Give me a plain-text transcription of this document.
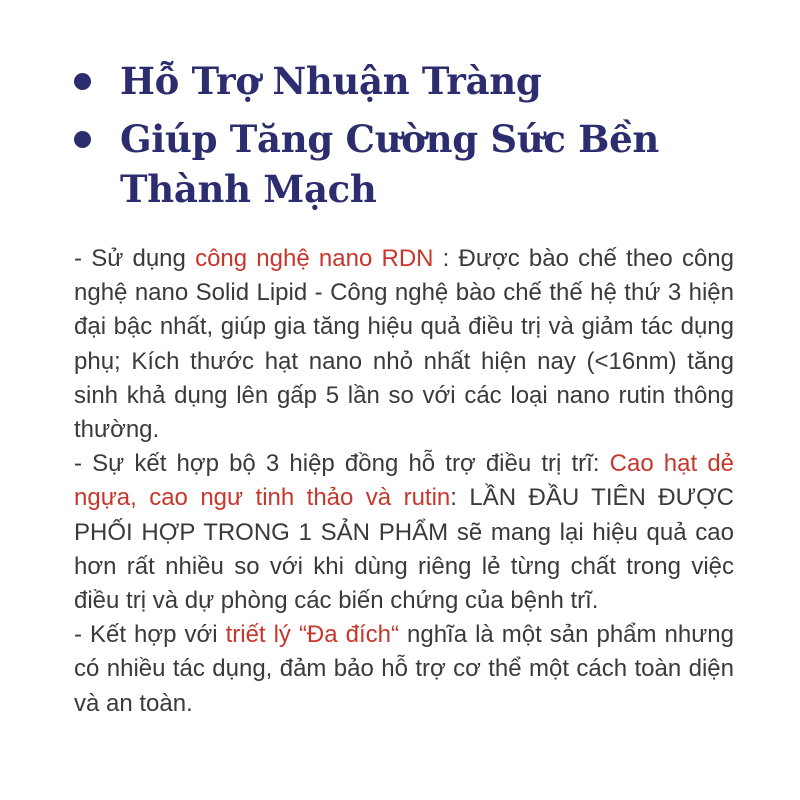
Hỗ Trợ Nhuận Tràng
Giúp Tăng Cường Sức Bền Thành Mạch

- Sử dụng công nghệ nano RDN : Được bào chế theo công nghệ nano Solid Lipid - Công nghệ bào chế thế hệ thứ 3 hiện đại bậc nhất, giúp gia tăng hiệu quả điều trị và giảm tác dụng phụ; Kích thước hạt nano nhỏ nhất hiện nay (<16nm) tăng sinh khả dụng lên gấp 5 lần so với các loại nano rutin thông thường.

- Sự kết hợp bộ 3 hiệp đồng hỗ trợ điều trị trĩ: Cao hạt dẻ ngựa, cao ngư tinh thảo và rutin: LẦN ĐẦU TIÊN ĐƯỢC PHỐI HỢP TRONG 1 SẢN PHẨM sẽ mang lại hiệu quả cao hơn rất nhiều so với khi dùng riêng lẻ từng chất trong việc điều trị và dự phòng các biến chứng của bệnh trĩ.

- Kết hợp với triết lý “Đa đích“ nghĩa là một sản phẩm nhưng có nhiều tác dụng, đảm bảo hỗ trợ cơ thể một cách toàn diện và an toàn.
